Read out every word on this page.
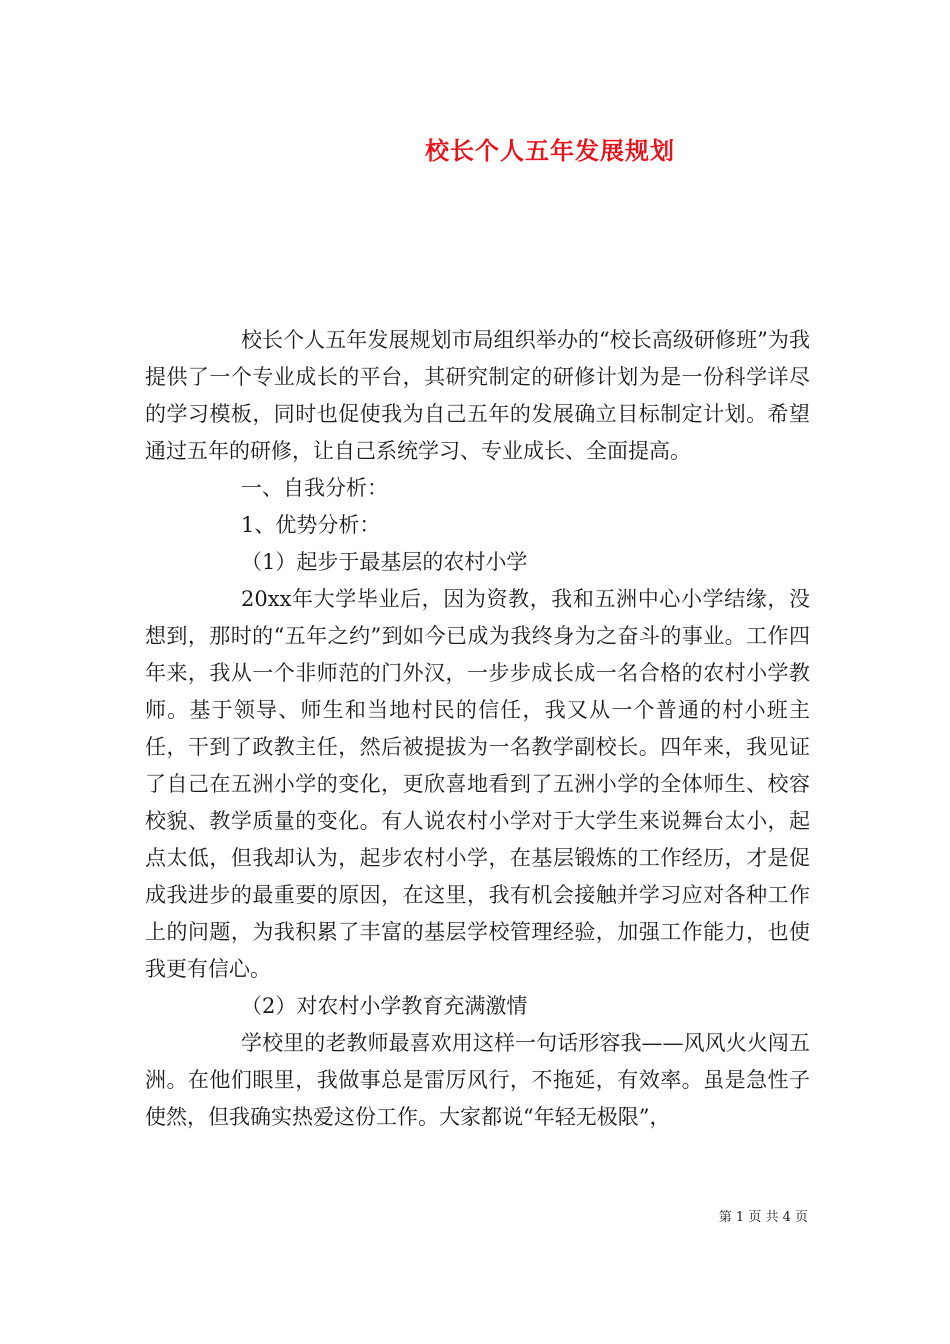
校长个人五年发展规划

校长个人五年发展规划市局组织举办的“校长高级研修班”为我提供了一个专业成长的平台，其研究制定的研修计划为是一份科学详尽的学习模板，同时也促使我为自己五年的发展确立目标制定计划。希望通过五年的研修，让自己系统学习、专业成长、全面提高。

一、自我分析：

1、优势分析：

（1）起步于最基层的农村小学

20xx年大学毕业后，因为资教，我和五洲中心小学结缘，没想到，那时的“五年之约”到如今已成为我终身为之奋斗的事业。工作四年来，我从一个非师范的门外汉，一步步成长成一名合格的农村小学教师。基于领导、师生和当地村民的信任，我又从一个普通的村小班主任，干到了政教主任，然后被提拔为一名教学副校长。四年来，我见证了自己在五洲小学的变化，更欣喜地看到了五洲小学的全体师生、校容校貌、教学质量的变化。有人说农村小学对于大学生来说舞台太小，起点太低，但我却认为，起步农村小学，在基层锻炼的工作经历，才是促成我进步的最重要的原因，在这里，我有机会接触并学习应对各种工作上的问题，为我积累了丰富的基层学校管理经验，加强工作能力，也使我更有信心。

（2）对农村小学教育充满激情

学校里的老教师最喜欢用这样一句话形容我——风风火火闯五洲。在他们眼里，我做事总是雷厉风行，不拖延，有效率。虽是急性子使然，但我确实热爱这份工作。大家都说“年轻无极限”，

第 1 页 共 4 页
